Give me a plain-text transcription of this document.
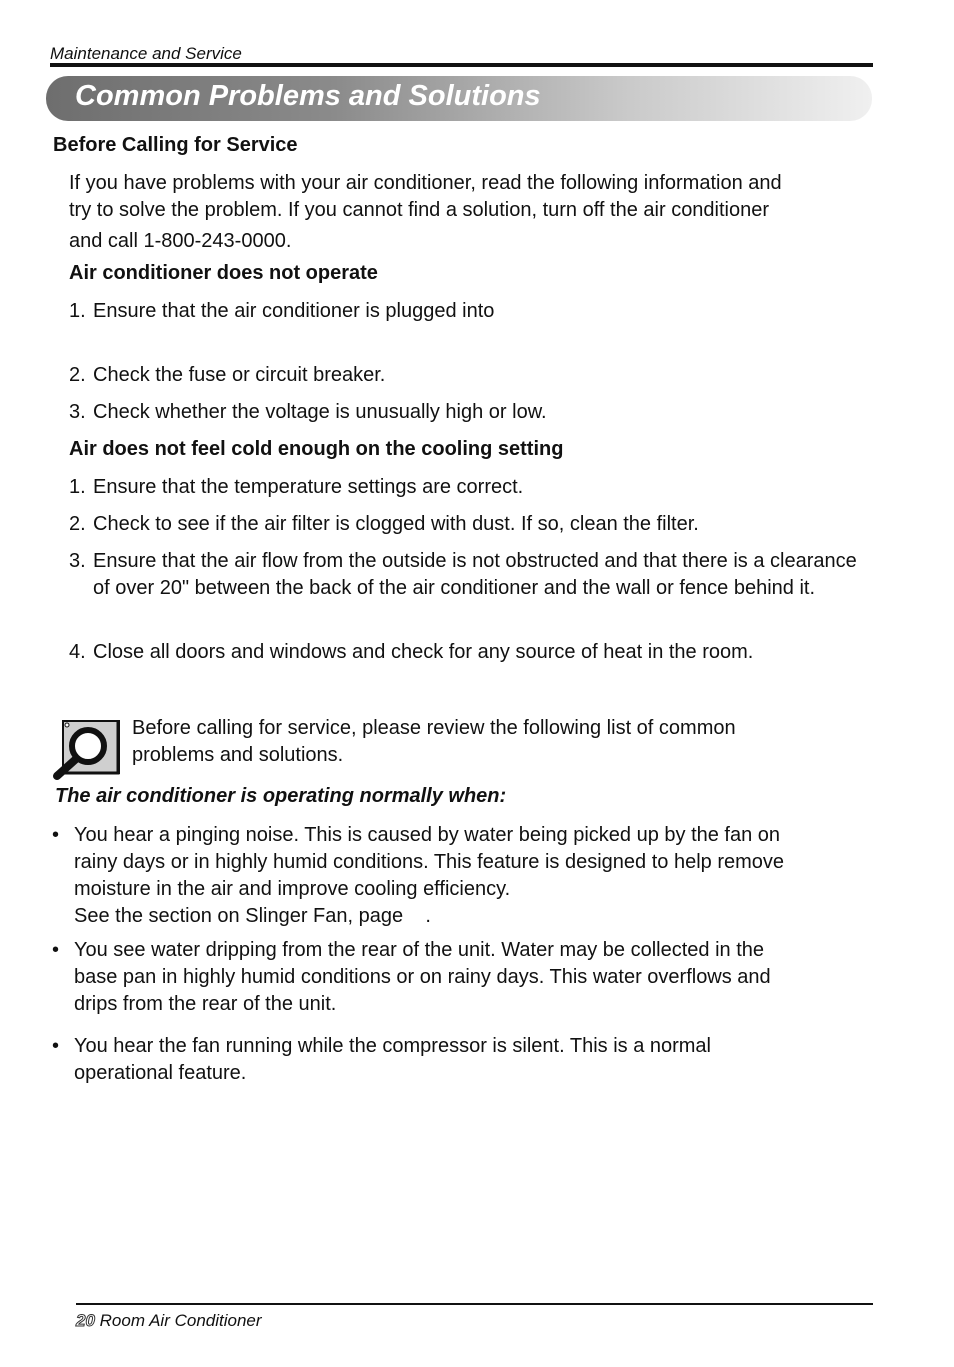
Maintenance and Service
Common Problems and Solutions
Before Calling for Service
If you have problems with your air conditioner, read the following information and
try to solve the problem. If you cannot find a solution, turn off the air conditioner
and call 1-800-243-0000.
Air conditioner does not operate
1. Ensure that the air conditioner is plugged into
2. Check the fuse or circuit breaker.
3. Check whether the voltage is unusually high or low.
Air does not feel cold enough on the cooling setting
1. Ensure that the temperature settings are correct.
2. Check to see if the air filter is clogged with dust. If so, clean the filter.
3. Ensure that the air flow from the outside is not obstructed and that there is a clearance of over 20" between the back of the air conditioner and the wall or fence behind it.
4. Close all doors and windows and check for any source of heat in the room.
Before calling for service, please review the following list of common
problems and solutions.
The air conditioner is operating normally when:
• You hear a pinging noise. This is caused by water being picked up by the fan on
rainy days or in highly humid conditions. This feature is designed to help remove
moisture in the air and improve cooling efficiency.
See the section on Slinger Fan, page    .
• You see water dripping from the rear of the unit. Water may be collected in the
base pan in highly humid conditions or on rainy days. This water overflows and
drips from the rear of the unit.
• You hear the fan running while the compressor is silent. This is a normal
operational feature.
20 Room Air Conditioner
